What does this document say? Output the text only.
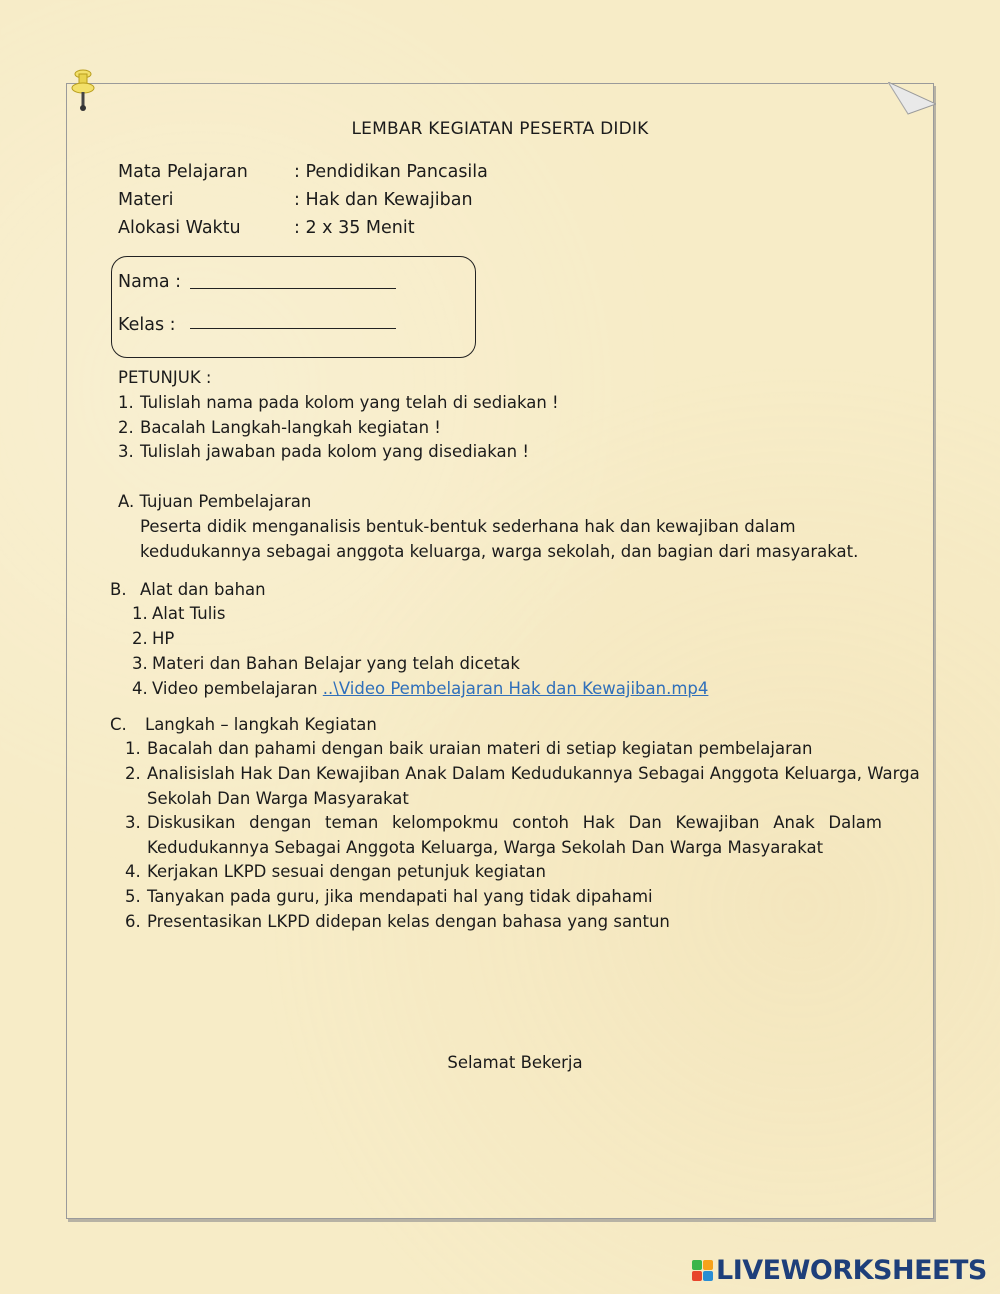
LEMBAR KEGIATAN PESERTA DIDIK
Mata Pelajaran	: Pendidikan Pancasila
Materi	: Hak dan Kewajiban
Alokasi Waktu	: 2 x 35 Menit
Nama :
Kelas :
PETUNJUK :
1. Tulislah nama pada kolom yang telah di sediakan !
2. Bacalah Langkah-langkah kegiatan !
3. Tulislah jawaban pada kolom yang disediakan !
A. Tujuan Pembelajaran
Peserta didik menganalisis bentuk-bentuk sederhana hak dan kewajiban dalam
kedudukannya sebagai anggota keluarga, warga sekolah, dan bagian dari masyarakat.
B. Alat dan bahan
1. Alat Tulis
2. HP
3. Materi dan Bahan Belajar yang telah dicetak
4. Video pembelajaran ..\Video Pembelajaran Hak dan Kewajiban.mp4
C. Langkah – langkah Kegiatan
1. Bacalah dan pahami dengan baik uraian materi di setiap kegiatan pembelajaran
2. Analisislah Hak Dan Kewajiban Anak Dalam Kedudukannya Sebagai Anggota Keluarga, Warga
Sekolah Dan Warga Masyarakat
3. Diskusikan dengan teman kelompokmu contoh Hak Dan Kewajiban Anak Dalam
Kedudukannya Sebagai Anggota Keluarga, Warga Sekolah Dan Warga Masyarakat
4. Kerjakan LKPD sesuai dengan petunjuk kegiatan
5. Tanyakan pada guru, jika mendapati hal yang tidak dipahami
6. Presentasikan LKPD didepan kelas dengan bahasa yang santun
Selamat Bekerja
LIVEWORKSHEETS
